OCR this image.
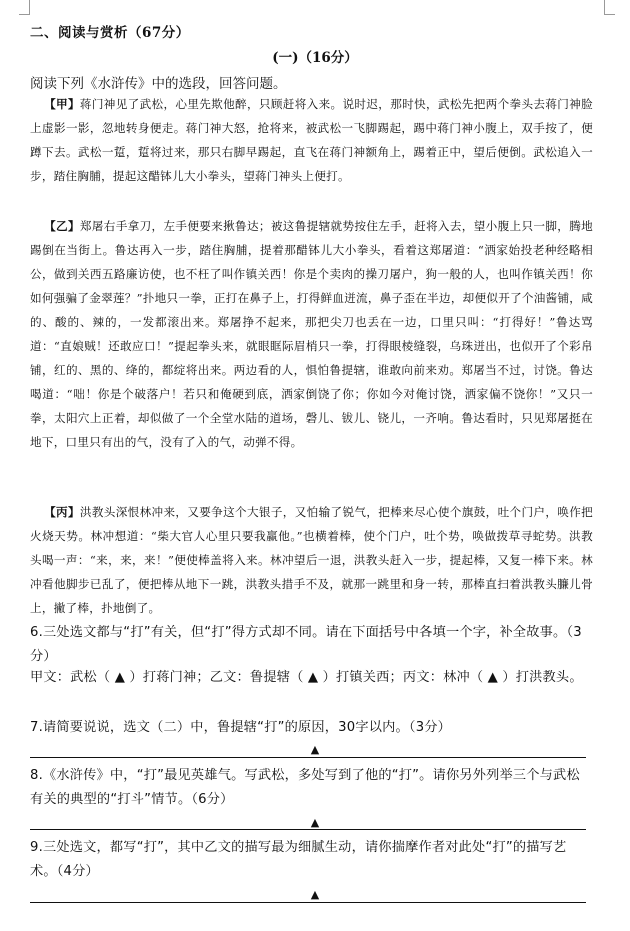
二、阅读与赏析（67分）
(一)（16分）
阅读下列《水浒传》中的选段，回答问题。
【甲】蒋门神见了武松，心里先欺他醉，只顾赶将入来。说时迟，那时快，武松先把两个拳头去蒋门神脸上虚影一影，忽地转身便走。蒋门神大怒，抢将来，被武松一飞脚踢起，踢中蒋门神小腹上，双手按了，便蹲下去。武松一踅，踅将过来，那只右脚早踢起，直飞在蒋门神额角上，踢着正中，望后便倒。武松追入一步，踏住胸脯，提起这醋钵儿大小拳头，望蒋门神头上便打。
【乙】郑屠右手拿刀，左手便要来揪鲁达；被这鲁提辖就势按住左手，赶将入去，望小腹上只一脚，腾地踢倒在当街上。鲁达再入一步，踏住胸脯，提着那醋钵儿大小拳头，看着这郑屠道：“洒家始投老种经略相公，做到关西五路廉访使，也不枉了叫作镇关西！你是个卖肉的操刀屠户，狗一般的人，也叫作镇关西！你如何强骗了金翠莲？”扑地只一拳，正打在鼻子上，打得鲜血迸流，鼻子歪在半边，却便似开了个油酱铺，咸的、酸的、辣的，一发都滚出来。郑屠挣不起来，那把尖刀也丢在一边，口里只叫：“打得好！”鲁达骂道：“直娘贼！还敢应口！”提起拳头来，就眼眶际眉梢只一拳，打得眼棱缝裂，乌珠迸出，也似开了个彩帛铺，红的、黑的、绛的，都绽将出来。两边看的人，惧怕鲁提辖，谁敢向前来劝。郑屠当不过，讨饶。鲁达喝道：“咄！你是个破落户！若只和俺硬到底，洒家倒饶了你；你如今对俺讨饶，洒家偏不饶你！”又只一拳，太阳穴上正着，却似做了一个全堂水陆的道场，磬儿、钹儿、铙儿，一齐响。鲁达看时，只见郑屠挺在地下，口里只有出的气，没有了入的气，动弹不得。
【丙】洪教头深恨林冲来，又要争这个大银子，又怕输了锐气，把棒来尽心使个旗鼓，吐个门户，唤作把火烧天势。林冲想道：“柴大官人心里只要我赢他。”也横着棒，使个门户，吐个势，唤做拨草寻蛇势。洪教头喝一声：“来，来，来！”便使棒盖将入来。林冲望后一退，洪教头赶入一步，提起棒，又复一棒下来。林冲看他脚步已乱了，便把棒从地下一跳，洪教头措手不及，就那一跳里和身一转，那棒直扫着洪教头臁儿骨上，撇了棒，扑地倒了。
6.三处选文都与“打”有关，但“打”得方式却不同。请在下面括号中各填一个字，补全故事。（3分）
甲文：武松（ ▲ ）打蒋门神；乙文：鲁提辖（ ▲ ）打镇关西；丙文：林冲（ ▲ ）打洪教头。
7.请简要说说，选文（二）中，鲁提辖“打”的原因，30字以内。（3分）
▲
8.《水浒传》中，“打”最见英雄气。写武松，多处写到了他的“打”。请你另外列举三个与武松有关的典型的“打斗”情节。（6分）
▲
9.三处选文，都写“打”，其中乙文的描写最为细腻生动，请你揣摩作者对此处“打”的描写艺术。（4分）
▲
